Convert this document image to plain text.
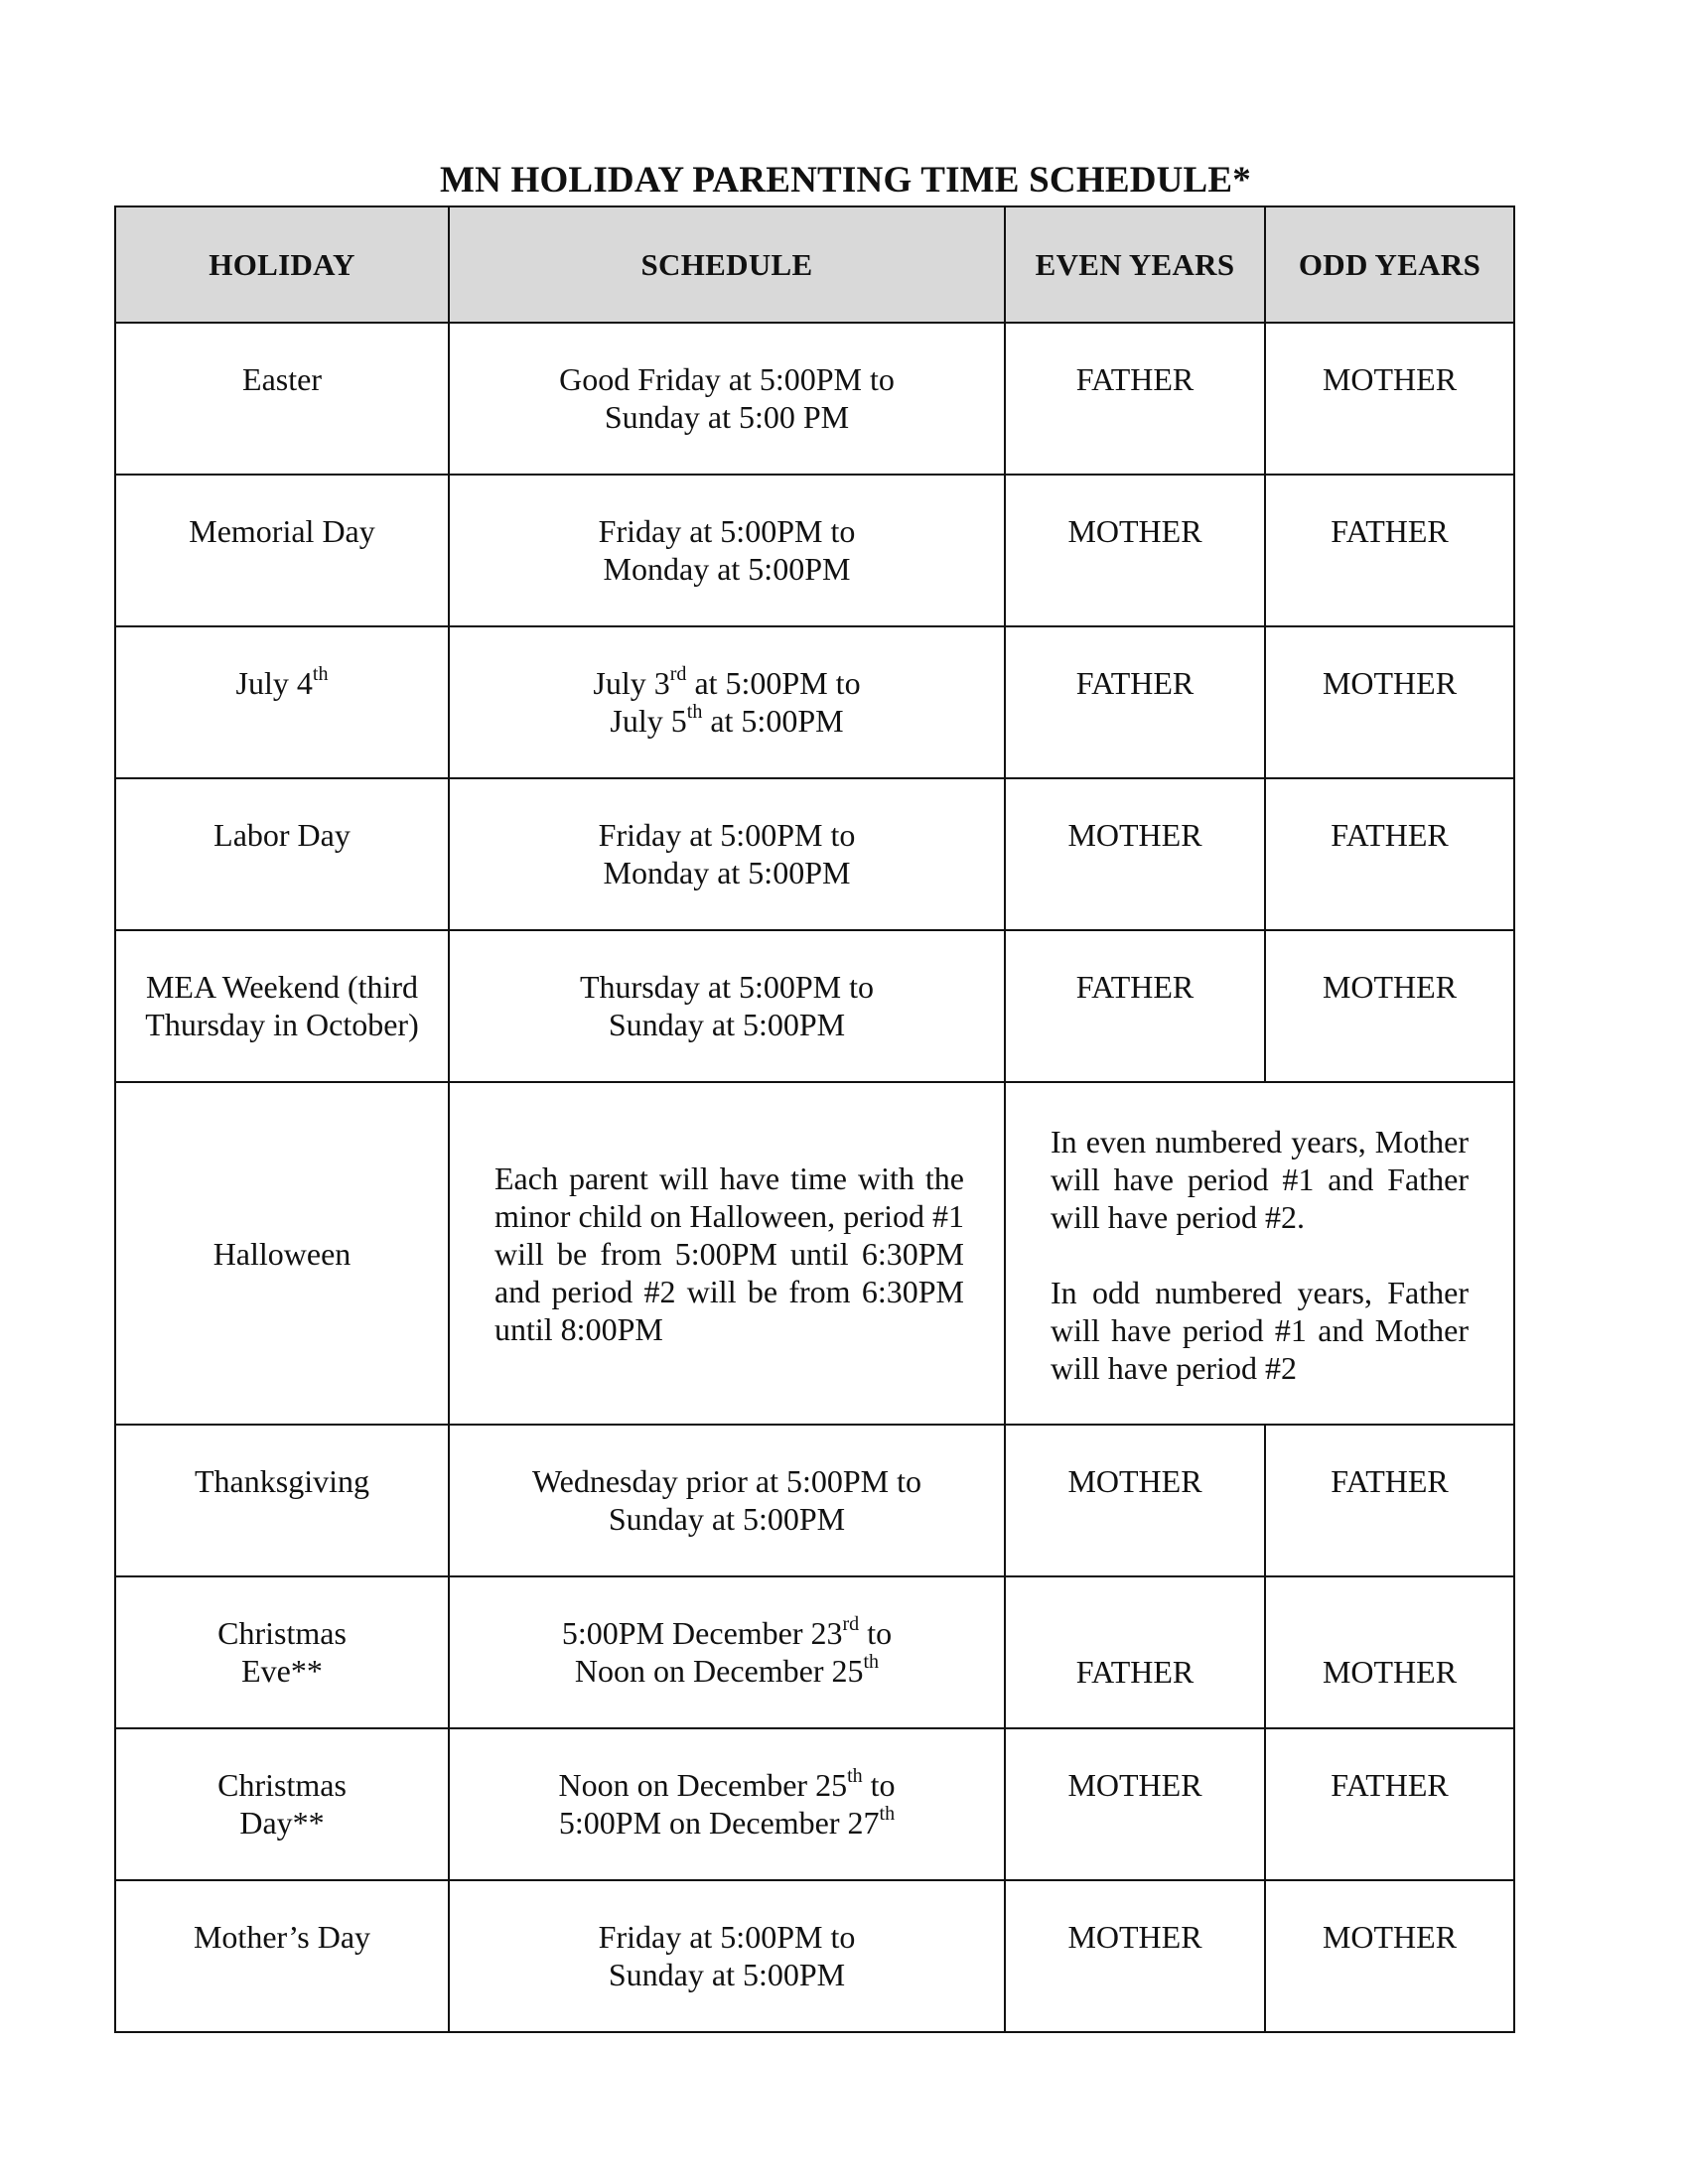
MN HOLIDAY PARENTING TIME SCHEDULE*
HOLIDAY	SCHEDULE	EVEN YEARS	ODD YEARS
Easter	Good Friday at 5:00PM to
Sunday at 5:00 PM	FATHER	MOTHER
Memorial Day	Friday at 5:00PM to
Monday at 5:00PM	MOTHER	FATHER

July 4th	July 3rd at 5:00PM to
July 5th at 5:00PM	FATHER	MOTHER
Labor Day	Friday at 5:00PM to
Monday at 5:00PM	MOTHER	FATHER

MEA Weekend (third
Thursday in October)	Thursday at 5:00PM to
Sunday at 5:00PM	FATHER	MOTHER
Halloween	Each parent will have time with the minor child on Halloween, period #1 will be from 5:00PM until 6:30PM and period #2 will be from 6:30PM until 8:00PM	In even numbered years, Mother will have period #1 and Father will have period #2.

In odd numbered years, Father will have period #1 and Mother will have period #2	

Thanksgiving	Wednesday prior at 5:00PM to
Sunday at 5:00PM	MOTHER	FATHER

Christmas
Eve**	5:00PM December 23rd to
Noon on December 25th	FATHER	MOTHER

Christmas
Day**	Noon on December 25th to
5:00PM on December 27th	MOTHER	FATHER
Mother’s Day	Friday at 5:00PM to
Sunday at 5:00PM	MOTHER	MOTHER
